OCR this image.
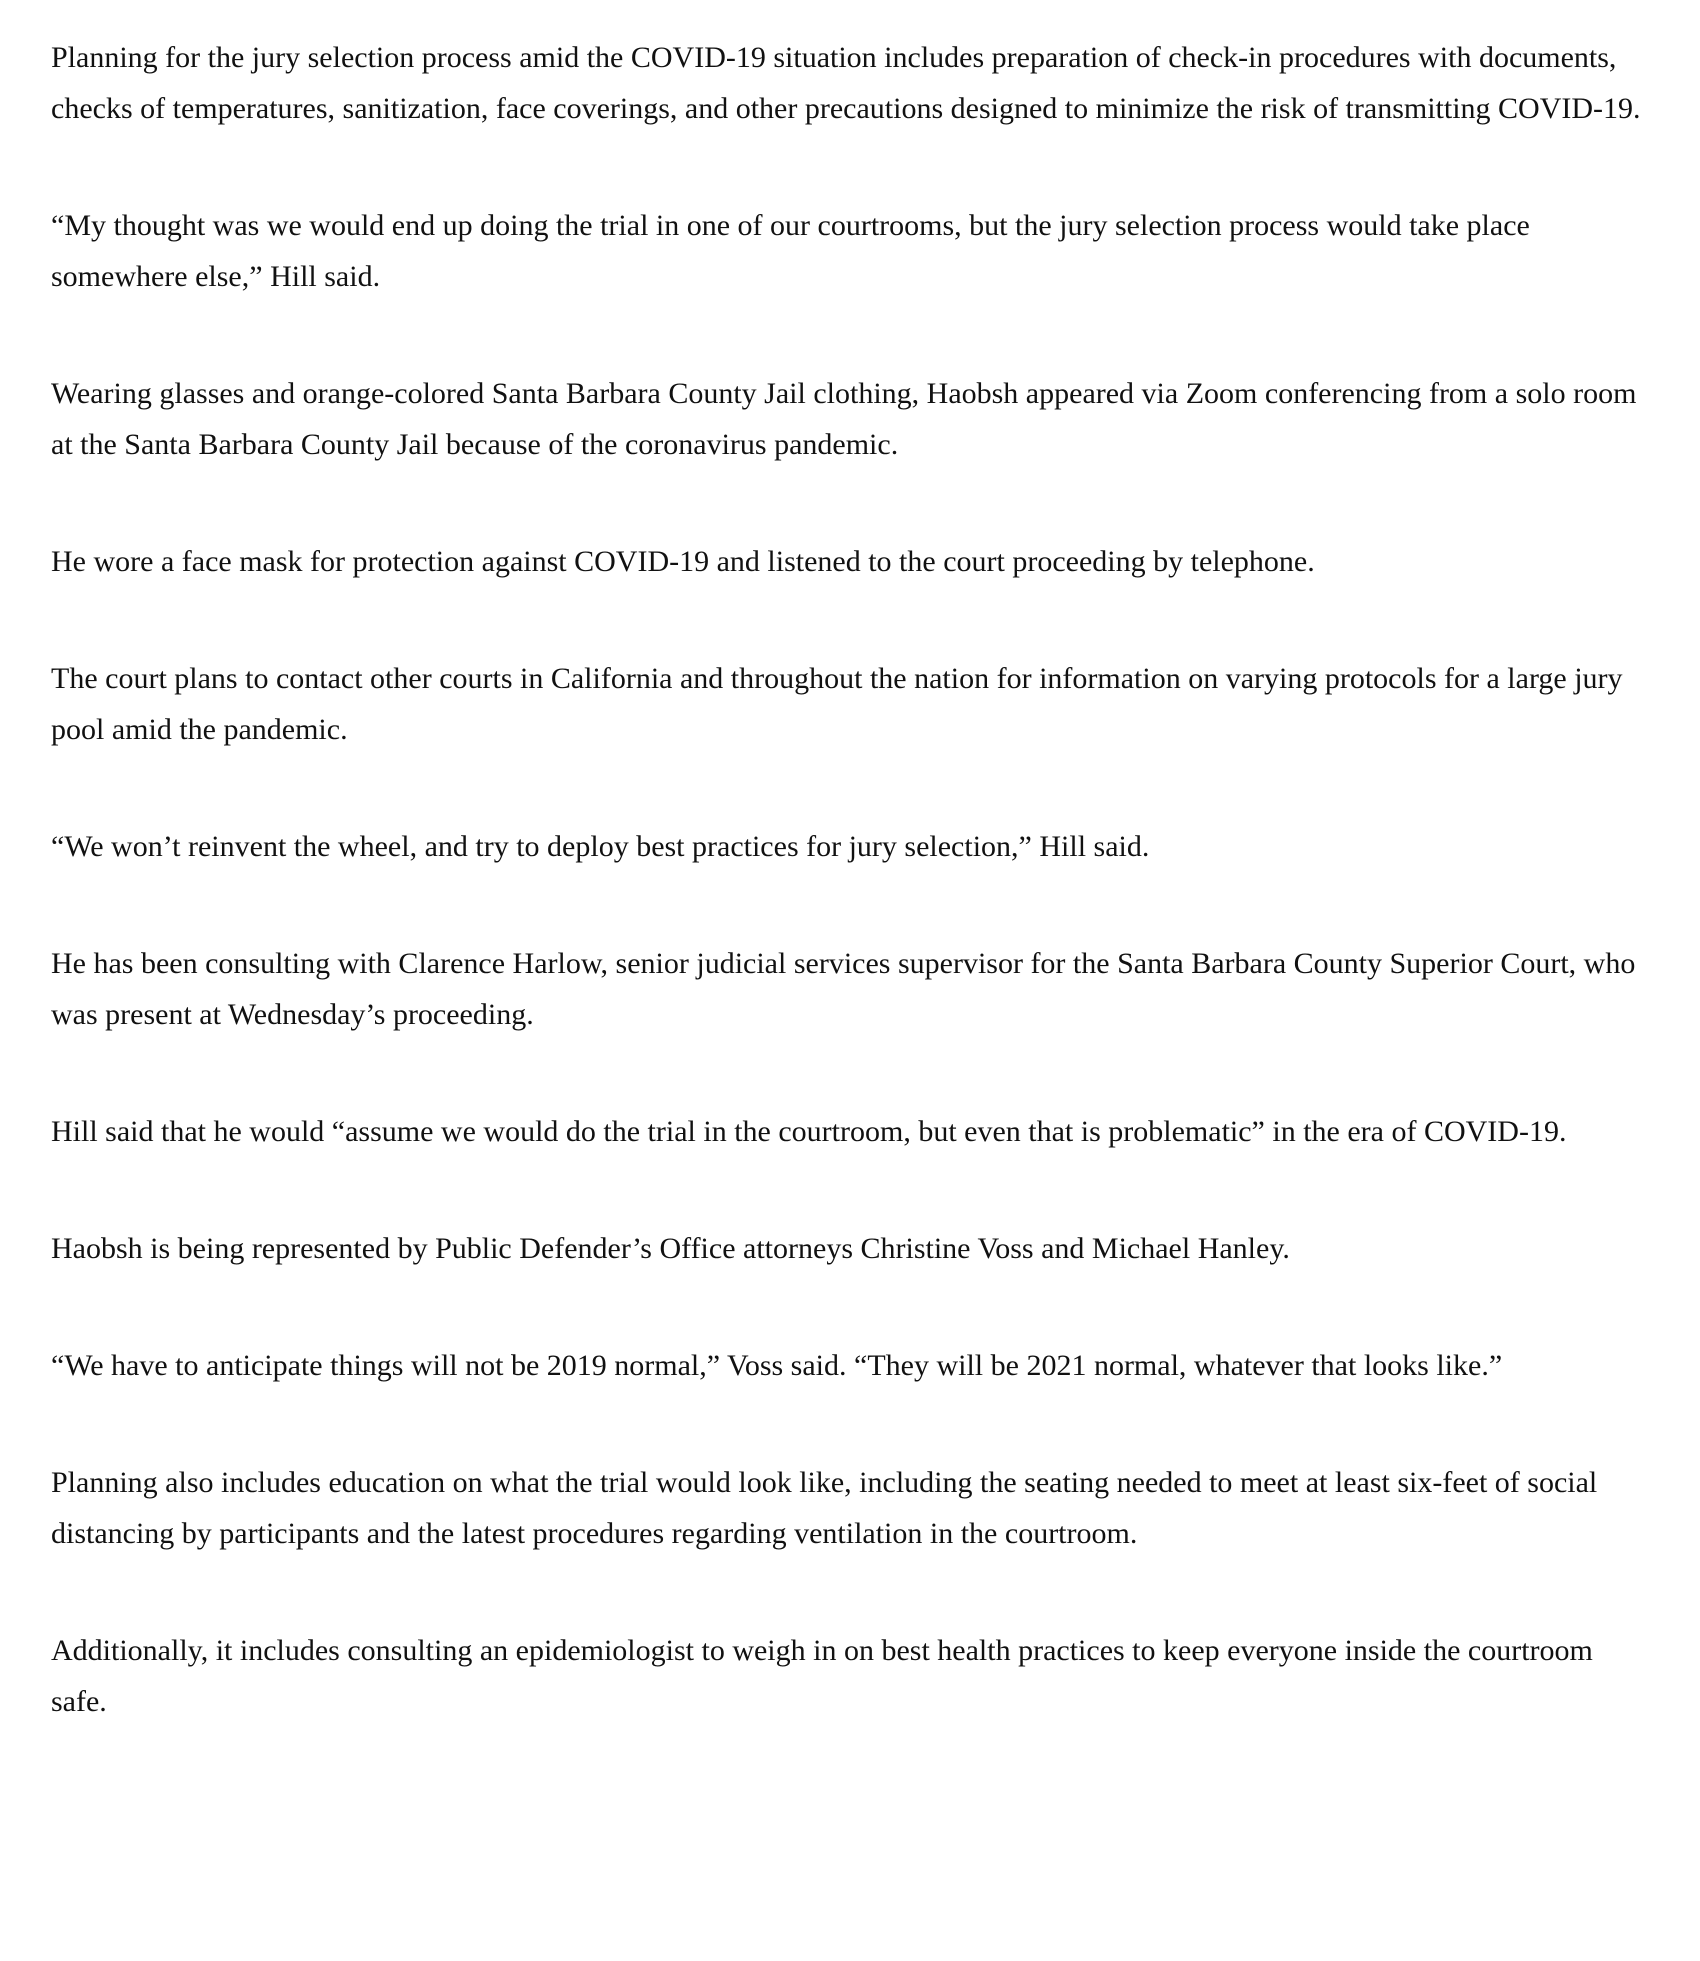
Planning for the jury selection process amid the COVID-19 situation includes preparation of check-in procedures with documents, checks of temperatures, sanitization, face coverings, and other precautions designed to minimize the risk of transmitting COVID-19.

“My thought was we would end up doing the trial in one of our courtrooms, but the jury selection process would take place somewhere else,” Hill said.

Wearing glasses and orange-colored Santa Barbara County Jail clothing, Haobsh appeared via Zoom conferencing from a solo room at the Santa Barbara County Jail because of the coronavirus pandemic.

He wore a face mask for protection against COVID-19 and listened to the court proceeding by telephone.

The court plans to contact other courts in California and throughout the nation for information on varying protocols for a large jury pool amid the pandemic.

“We won’t reinvent the wheel, and try to deploy best practices for jury selection,” Hill said.

He has been consulting with Clarence Harlow, senior judicial services supervisor for the Santa Barbara County Superior Court, who was present at Wednesday’s proceeding.

Hill said that he would “assume we would do the trial in the courtroom, but even that is problematic” in the era of COVID-19.

Haobsh is being represented by Public Defender’s Office attorneys Christine Voss and Michael Hanley.

“We have to anticipate things will not be 2019 normal,” Voss said. “They will be 2021 normal, whatever that looks like.”

Planning also includes education on what the trial would look like, including the seating needed to meet at least six-feet of social distancing by participants and the latest procedures regarding ventilation in the courtroom.

Additionally, it includes consulting an epidemiologist to weigh in on best health practices to keep everyone inside the courtroom safe.
